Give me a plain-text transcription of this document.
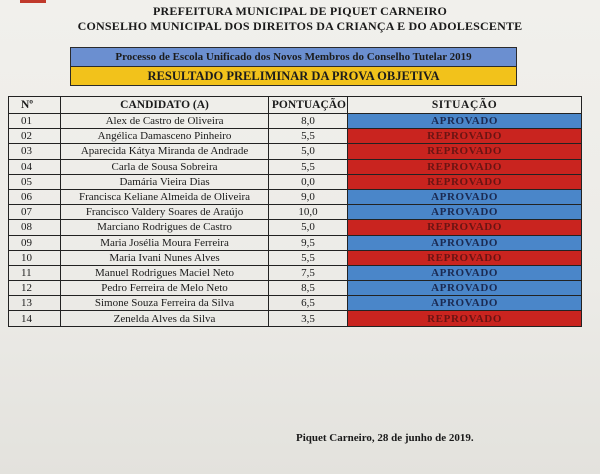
PREFEITURA MUNICIPAL DE PIQUET CARNEIRO
CONSELHO MUNICIPAL DOS DIREITOS DA CRIANÇA E DO ADOLESCENTE
Processo de Escola Unificado dos Novos Membros do Conselho Tutelar 2019
RESULTADO PRELIMINAR DA PROVA OBJETIVA
Nº	CANDIDATO (A)	PONTUAÇÃO	SITUAÇÃO
01	Alex de Castro de Oliveira	8,0	APROVADO
02	Angélica Damasceno Pinheiro	5,5	REPROVADO
03	Aparecida Kátya Miranda de Andrade	5,0	REPROVADO
04	Carla de Sousa Sobreira	5,5	REPROVADO
05	Damária Vieira Dias	0,0	REPROVADO
06	Francisca Keliane Almeida de Oliveira	9,0	APROVADO
07	Francisco Valdery Soares de Araújo	10,0	APROVADO
08	Marciano Rodrigues de Castro	5,0	REPROVADO
09	Maria Josélia Moura Ferreira	9,5	APROVADO
10	Maria Ivani Nunes Alves	5,5	REPROVADO
11	Manuel Rodrigues Maciel Neto	7,5	APROVADO
12	Pedro Ferreira de Melo Neto	8,5	APROVADO
13	Simone Souza Ferreira da Silva	6,5	APROVADO
14	Zenelda Alves da Silva	3,5	REPROVADO
Piquet Carneiro, 28 de junho de 2019.
